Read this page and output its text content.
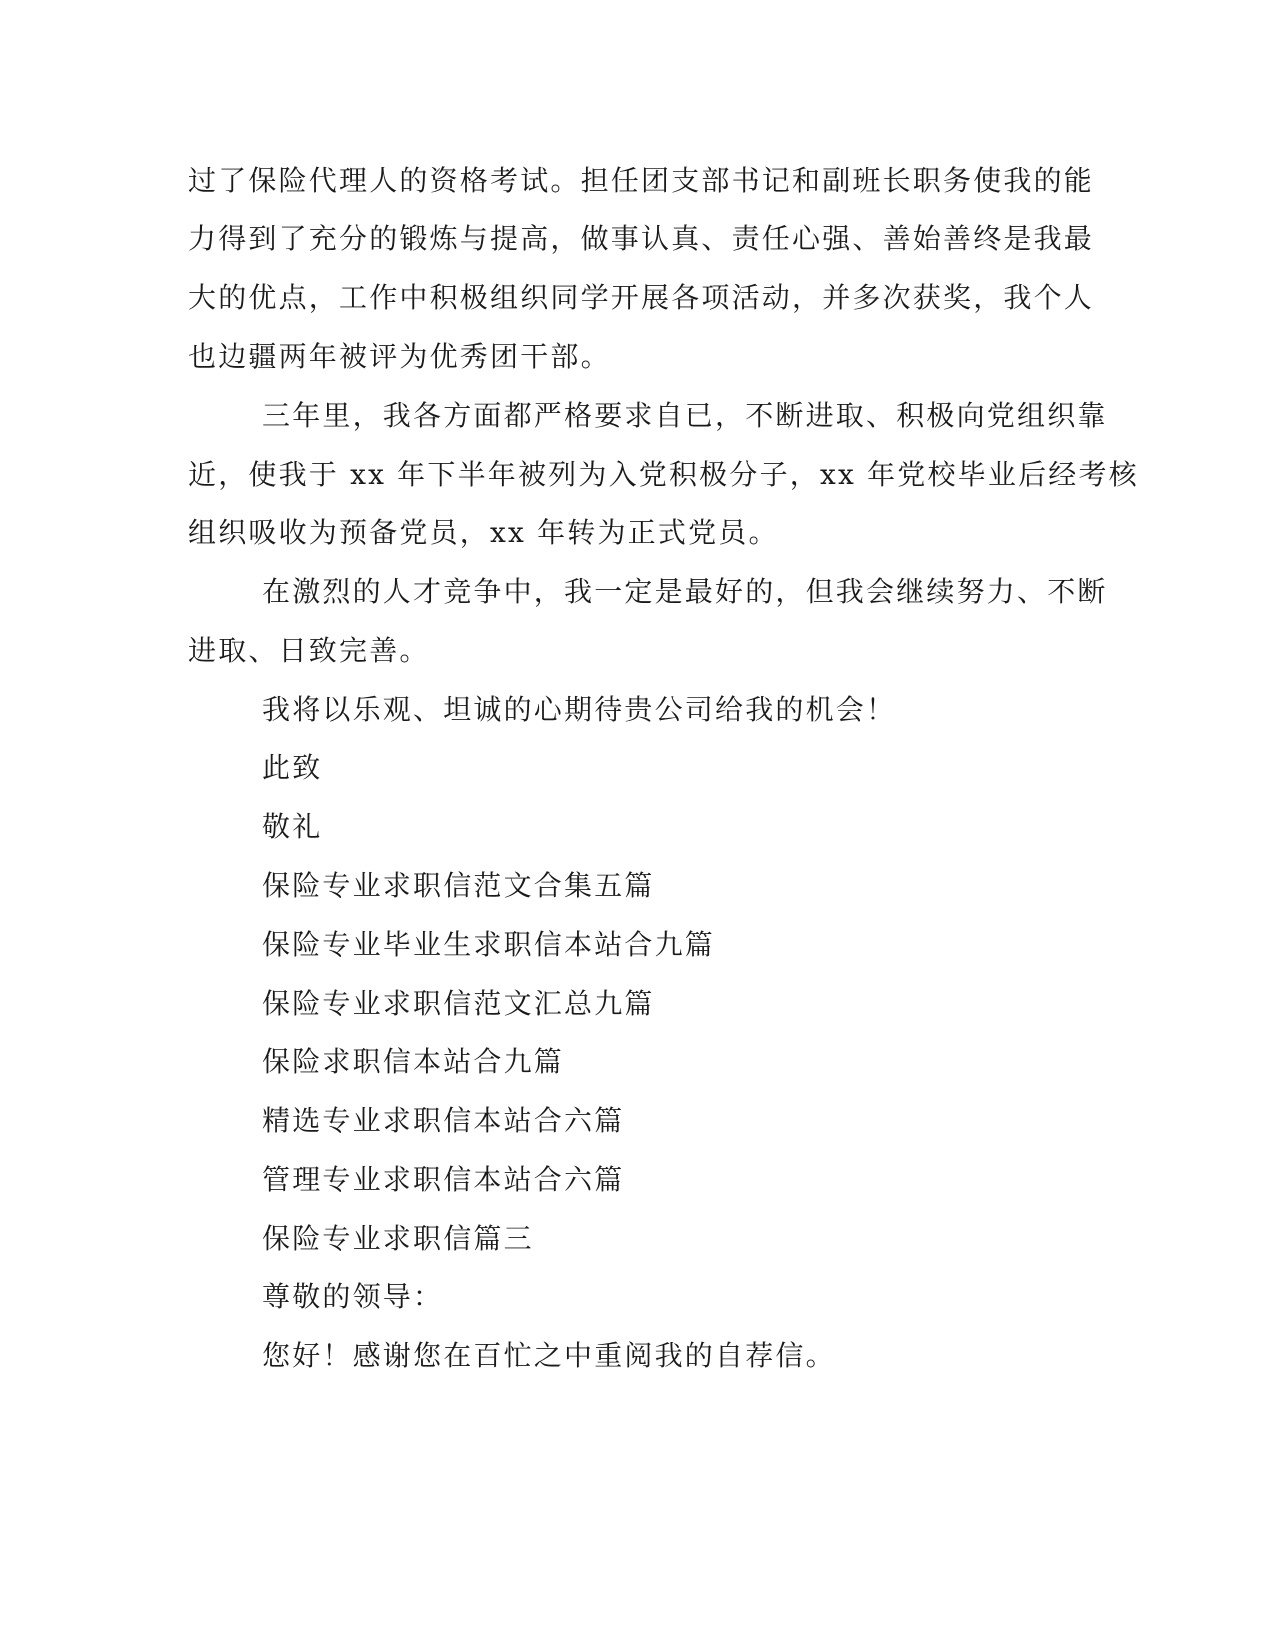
过了保险代理人的资格考试。担任团支部书记和副班长职务使我的能

力得到了充分的锻炼与提高，做事认真、责任心强、善始善终是我最

大的优点，工作中积极组织同学开展各项活动，并多次获奖，我个人

也边疆两年被评为优秀团干部。

三年里，我各方面都严格要求自已，不断进取、积极向党组织靠

近，使我于 xx 年下半年被列为入党积极分子，xx 年党校毕业后经考核

组织吸收为预备党员，xx 年转为正式党员。

在激烈的人才竞争中，我一定是最好的，但我会继续努力、不断

进取、日致完善。

我将以乐观、坦诚的心期待贵公司给我的机会！

此致

敬礼

保险专业求职信范文合集五篇

保险专业毕业生求职信本站合九篇

保险专业求职信范文汇总九篇

保险求职信本站合九篇

精选专业求职信本站合六篇

管理专业求职信本站合六篇

保险专业求职信篇三

尊敬的领导：

您好！感谢您在百忙之中重阅我的自荐信。
